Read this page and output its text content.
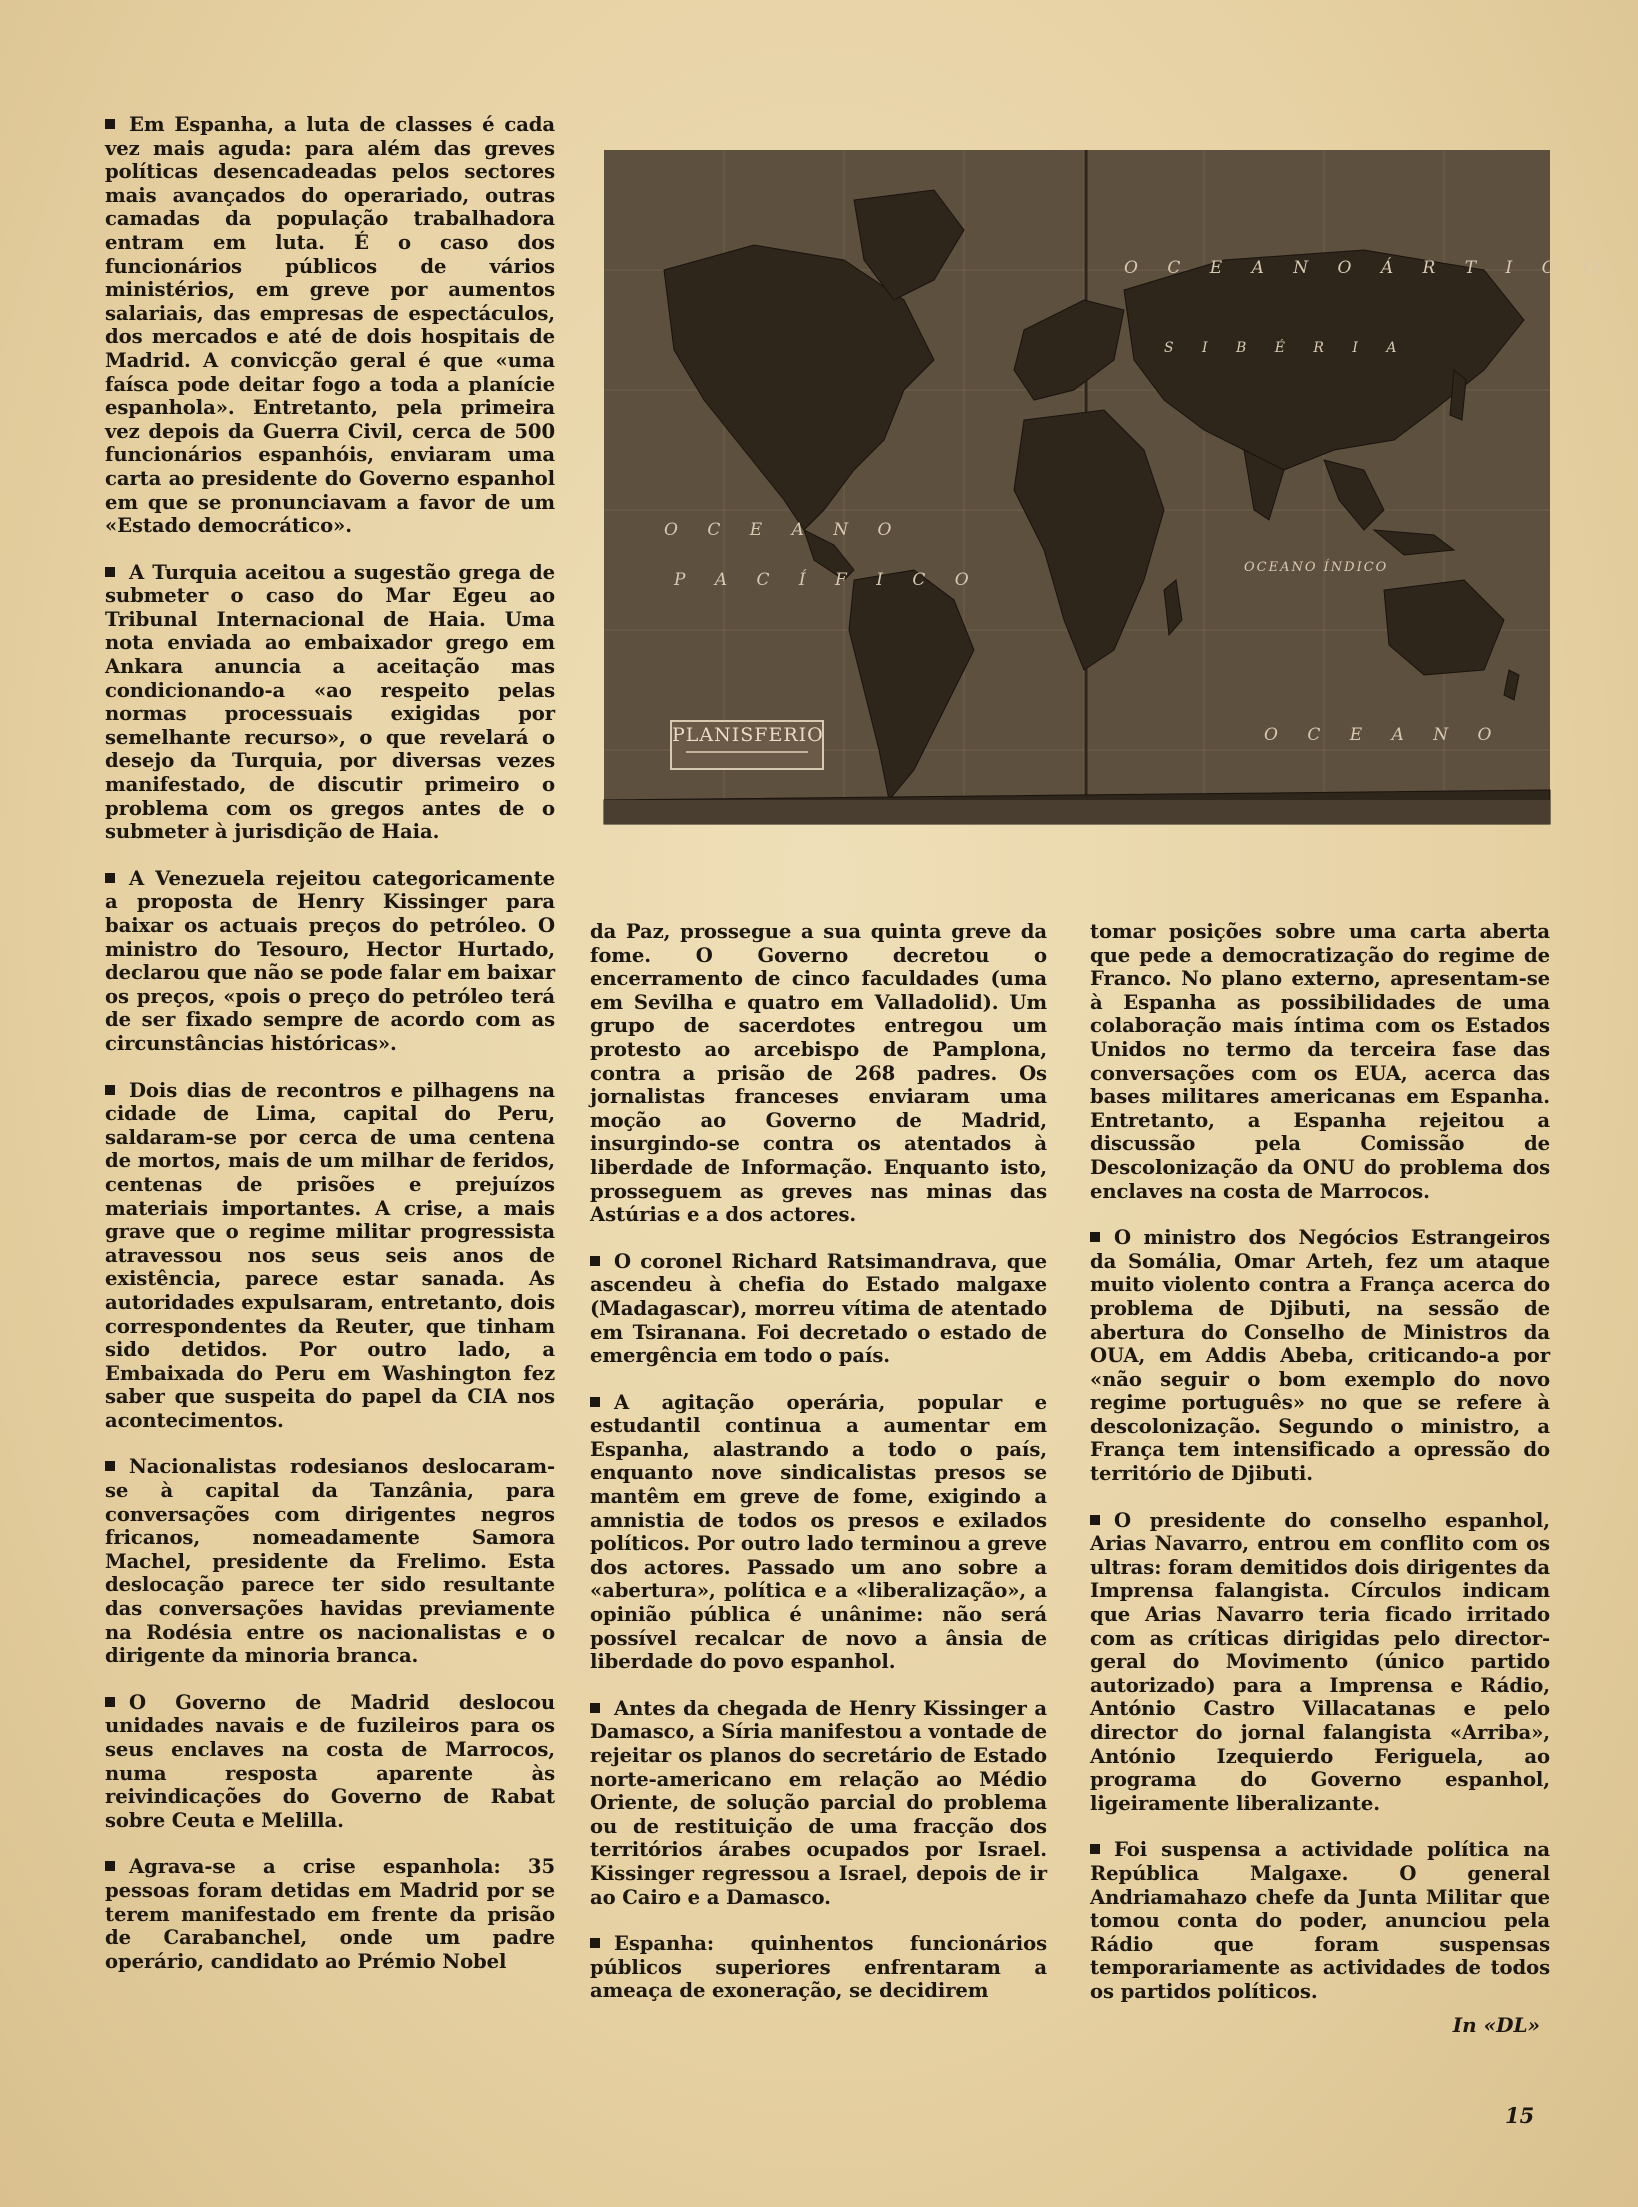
O C E A N O Á R T I C O
S I B É R I A
O C E A N O
P A C Í F I C O
OCEANO ÍNDICO
O C E A N O
PLANISFERIO

Em Espanha, a luta de classes é cada vez mais aguda: para além das greves políticas desencadeadas pelos sectores mais avançados do operariado, outras camadas da população trabalhadora entram em luta. É o caso dos funcionários públicos de vários ministérios, em greve por aumentos salariais, das empresas de espectáculos, dos mercados e até de dois hospitais de Madrid. A convicção geral é que «uma faísca pode deitar fogo a toda a planície espanhola». Entretanto, pela primeira vez depois da Guerra Civil, cerca de 500 funcionários espanhóis, enviaram uma carta ao presidente do Governo espanhol em que se pronunciavam a favor de um «Estado democrático».

A Turquia aceitou a sugestão grega de submeter o caso do Mar Egeu ao Tribunal Internacional de Haia. Uma nota enviada ao embaixador grego em Ankara anuncia a aceitação mas condicionando-a «ao respeito pelas normas processuais exigidas por semelhante recurso», o que revelará o desejo da Turquia, por diversas vezes manifestado, de discutir primeiro o problema com os gregos antes de o submeter à jurisdição de Haia.

A Venezuela rejeitou categoricamente a proposta de Henry Kissinger para baixar os actuais preços do petróleo. O ministro do Tesouro, Hector Hurtado, declarou que não se pode falar em baixar os preços, «pois o preço do petróleo terá de ser fixado sempre de acordo com as circunstâncias históricas».

Dois dias de recontros e pilhagens na cidade de Lima, capital do Peru, saldaram-se por cerca de uma centena de mortos, mais de um milhar de feridos, centenas de prisões e prejuízos materiais importantes. A crise, a mais grave que o regime militar progressista atravessou nos seus seis anos de existência, parece estar sanada. As autoridades expulsaram, entretanto, dois correspondentes da Reuter, que tinham sido detidos. Por outro lado, a Embaixada do Peru em Washington fez saber que suspeita do papel da CIA nos acontecimentos.

Nacionalistas rodesianos deslocaram-se à capital da Tanzânia, para conversações com dirigentes negros fricanos, nomeadamente Samora Machel, presidente da Frelimo. Esta deslocação parece ter sido resultante das conversações havidas previamente na Rodésia entre os nacionalistas e o dirigente da minoria branca.

O Governo de Madrid deslocou unidades navais e de fuzileiros para os seus enclaves na costa de Marrocos, numa resposta aparente às reivindicações do Governo de Rabat sobre Ceuta e Melilla.

Agrava-se a crise espanhola: 35 pessoas foram detidas em Madrid por se terem manifestado em frente da prisão de Carabanchel, onde um padre operário, candidato ao Prémio Nobel

da Paz, prossegue a sua quinta greve da fome. O Governo decretou o encerramento de cinco faculdades (uma em Sevilha e quatro em Valladolid). Um grupo de sacerdotes entregou um protesto ao arcebispo de Pamplona, contra a prisão de 268 padres. Os jornalistas franceses enviaram uma moção ao Governo de Madrid, insurgindo-se contra os atentados à liberdade de Informação. Enquanto isto, prosseguem as greves nas minas das Astúrias e a dos actores.

O coronel Richard Ratsimandrava, que ascendeu à chefia do Estado malgaxe (Madagascar), morreu vítima de atentado em Tsiranana. Foi decretado o estado de emergência em todo o país.

A agitação operária, popular e estudantil continua a aumentar em Espanha, alastrando a todo o país, enquanto nove sindicalistas presos se mantêm em greve de fome, exigindo a amnistia de todos os presos e exilados políticos. Por outro lado terminou a greve dos actores. Passado um ano sobre a «abertura», política e a «liberalização», a opinião pública é unânime: não será possível recalcar de novo a ânsia de liberdade do povo espanhol.

Antes da chegada de Henry Kissinger a Damasco, a Síria manifestou a vontade de rejeitar os planos do secretário de Estado norte-americano em relação ao Médio Oriente, de solução parcial do problema ou de restituição de uma fracção dos territórios árabes ocupados por Israel. Kissinger regressou a Israel, depois de ir ao Cairo e a Damasco.

Espanha: quinhentos funcionários públicos superiores enfrentaram a ameaça de exoneração, se decidirem

tomar posições sobre uma carta aberta que pede a democratização do regime de Franco. No plano externo, apresentam-se à Espanha as possibilidades de uma colaboração mais íntima com os Estados Unidos no termo da terceira fase das conversações com os EUA, acerca das bases militares americanas em Espanha. Entretanto, a Espanha rejeitou a discussão pela Comissão de Descolonização da ONU do problema dos enclaves na costa de Marrocos.

O ministro dos Negócios Estrangeiros da Somália, Omar Arteh, fez um ataque muito violento contra a França acerca do problema de Djibuti, na sessão de abertura do Conselho de Ministros da OUA, em Addis Abeba, criticando-a por «não seguir o bom exemplo do novo regime português» no que se refere à descolonização. Segundo o ministro, a França tem intensificado a opressão do território de Djibuti.

O presidente do conselho espanhol, Arias Navarro, entrou em conflito com os ultras: foram demitidos dois dirigentes da Imprensa falangista. Círculos indicam que Arias Navarro teria ficado irritado com as críticas dirigidas pelo director-geral do Movimento (único partido autorizado) para a Imprensa e Rádio, António Castro Villacatanas e pelo director do jornal falangista «Arriba», António Izequierdo Feriguela, ao programa do Governo espanhol, ligeiramente liberalizante.

Foi suspensa a actividade política na República Malgaxe. O general Andriamahazo chefe da Junta Militar que tomou conta do poder, anunciou pela Rádio que foram suspensas temporariamente as actividades de todos os partidos políticos.

In «DL»
15
